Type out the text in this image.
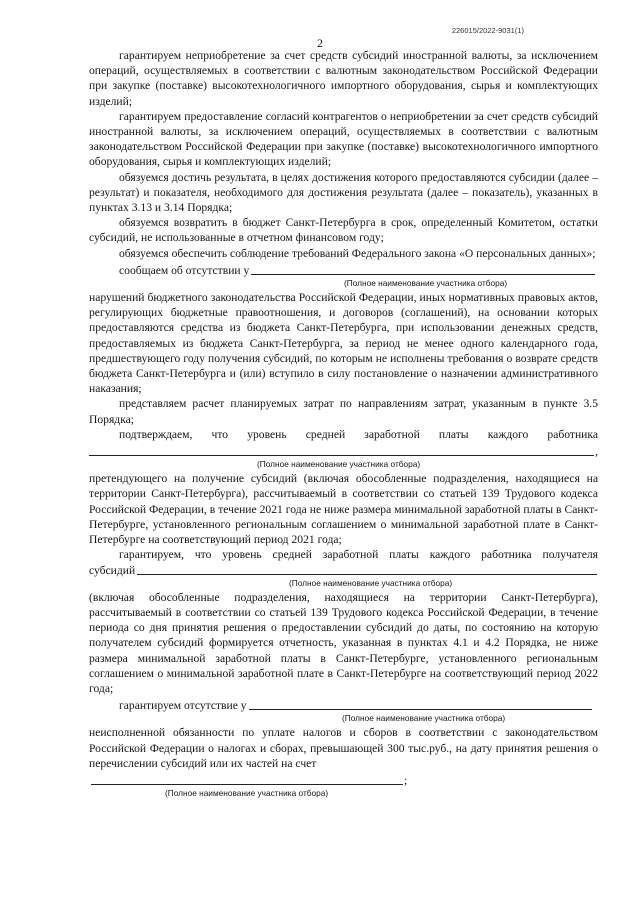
226015/2022-9031(1)
2

гарантируем неприобретение за счет средств субсидий иностранной валюты, за исключением операций, осуществляемых в соответствии с валютным законодательством Российской Федерации при закупке (поставке) высокотехнологичного импортного оборудования, сырья и комплектующих изделий;

гарантируем предоставление согласий контрагентов о неприобретении за счет средств субсидий иностранной валюты, за исключением операций, осуществляемых в соответствии с валютным законодательством Российской Федерации при закупке (поставке) высокотехнологичного импортного оборудования, сырья и комплектующих изделий;

обязуемся достичь результата, в целях достижения которого предоставляются субсидии (далее – результат) и показателя, необходимого для достижения результата (далее – показатель), указанных в пунктах 3.13 и 3.14 Порядка;

обязуемся возвратить в бюджет Санкт-Петербурга в срок, определенный Комитетом, остатки субсидий, не использованные в отчетном финансовом году;

обязуемся обеспечить соблюдение требований Федерального закона «О персональных данных»;

сообщаем об отсутствии у
(Полное наименование участника отбора)

нарушений бюджетного законодательства Российской Федерации, иных нормативных правовых актов, регулирующих бюджетные правоотношения, и договоров (соглашений), на основании которых предоставляются средства из бюджета Санкт-Петербурга, при использовании денежных средств, предоставляемых из бюджета Санкт-Петербурга, за период не менее одного календарного года, предшествующего году получения субсидий, по которым не исполнены требования о возврате средств бюджета Санкт-Петербурга и (или) вступило в силу постановление о назначении административного наказания;

представляем расчет планируемых затрат по направлениям затрат, указанным в пункте 3.5 Порядка;

подтверждаем, что уровень средней заработной платы каждого работника

,
(Полное наименование участника отбора)

претендующего на получение субсидий (включая обособленные подразделения, находящиеся на территории Санкт-Петербурга), рассчитываемый в соответствии со статьей 139 Трудового кодекса Российской Федерации, в течение 2021 года не ниже размера минимальной заработной платы в Санкт-Петербурге, установленного региональным соглашением о минимальной заработной плате в Санкт-Петербурге на соответствующий период 2021 года;

гарантируем, что уровень средней заработной платы каждого работника получателя

субсидий
(Полное наименование участника отбора)

(включая обособленные подразделения, находящиеся на территории Санкт-Петербурга), рассчитываемый в соответствии со статьей 139 Трудового кодекса Российской Федерации, в течение периода со дня принятия решения о предоставлении субсидий до даты, по состоянию на которую получателем субсидий формируется отчетность, указанная в пунктах 4.1 и 4.2 Порядка, не ниже размера минимальной заработной платы в Санкт-Петербурге, установленного региональным соглашением о минимальной заработной плате в Санкт-Петербурге на соответствующий период 2022 года;

гарантируем отсутствие у
(Полное наименование участника отбора)

неисполненной обязанности по уплате налогов и сборов в соответствии с законодательством Российской Федерации о налогах и сборах, превышающей 300 тыс.руб., на дату принятия решения о перечислении субсидий или их частей на счет

;
(Полное наименование участника отбора)
